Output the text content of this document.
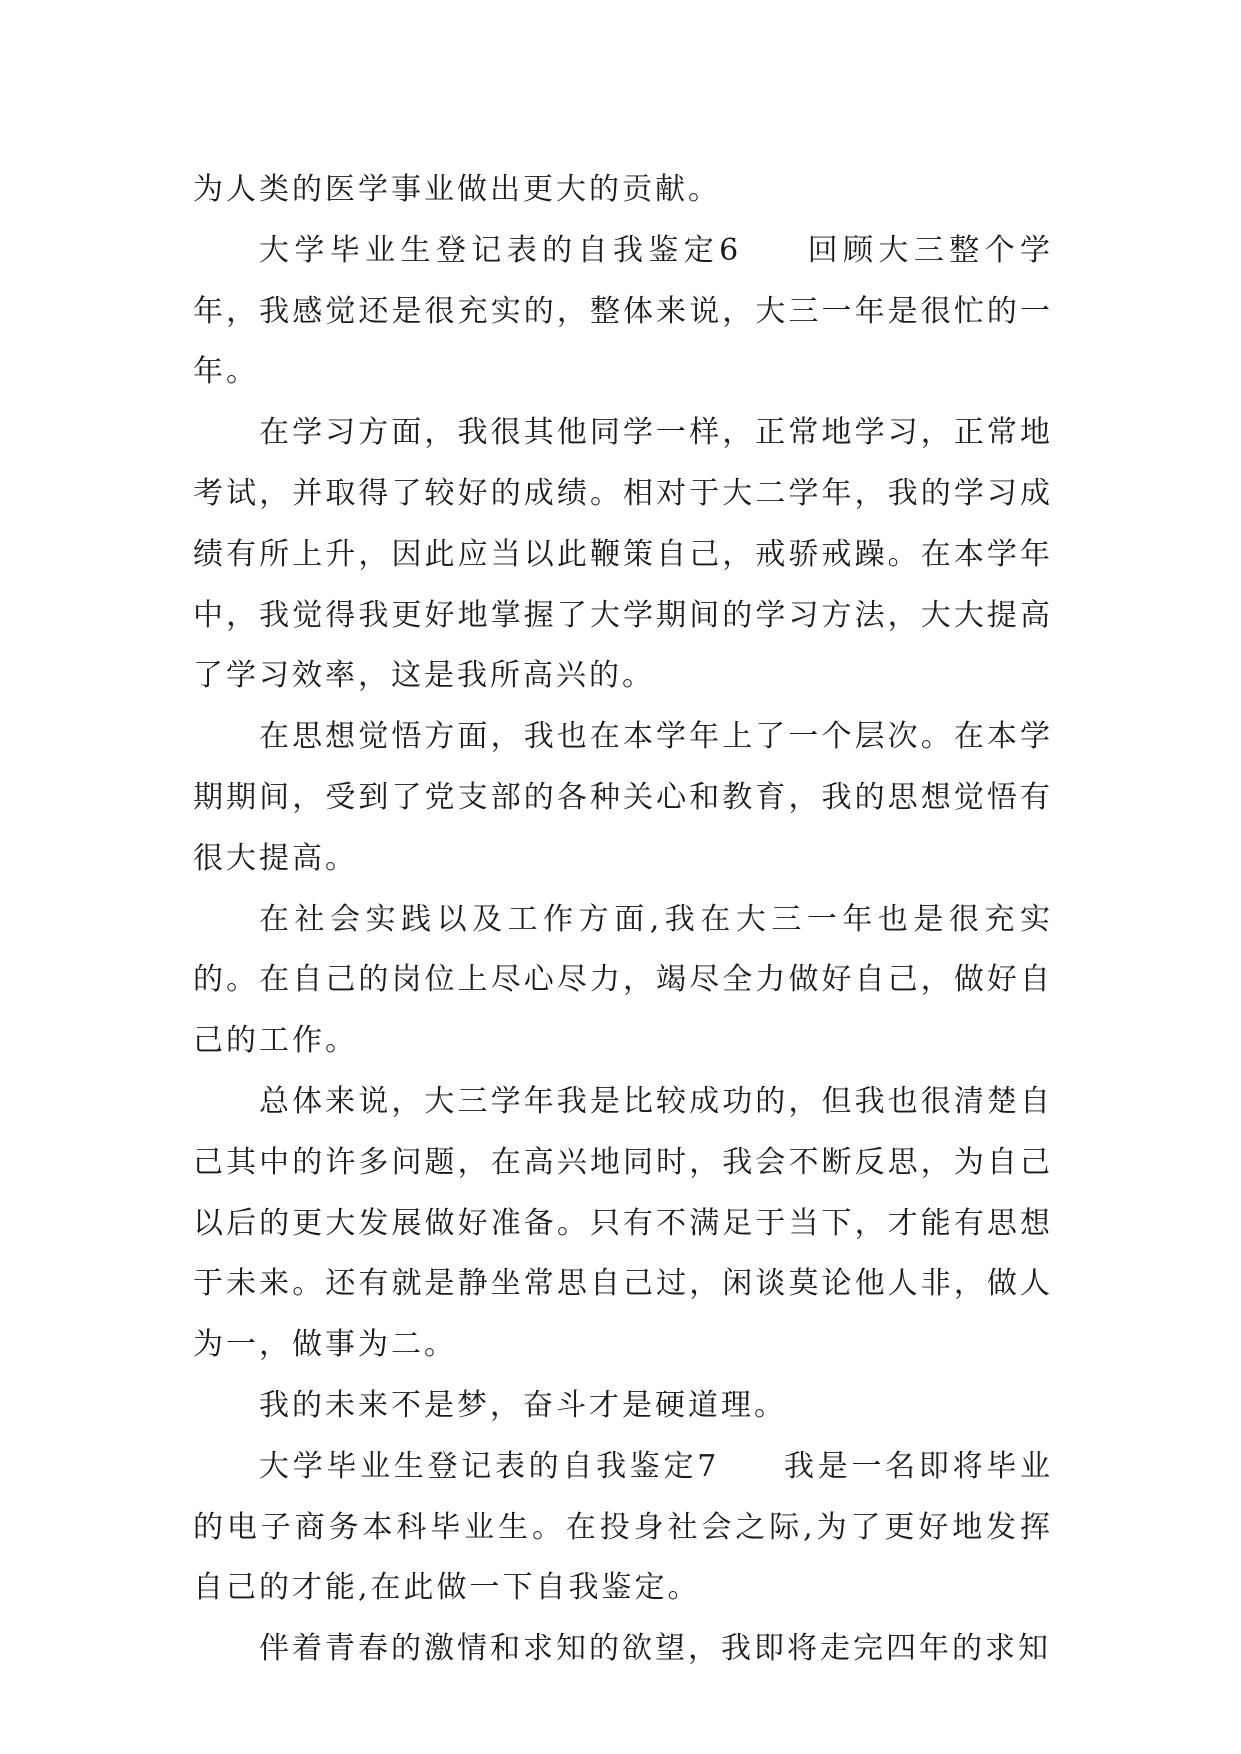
为人类的医学事业做出更大的贡献。

大学毕业生登记表的自我鉴定6 回顾大三整个学年，我感觉还是很充实的，整体来说，大三一年是很忙的一年。

在学习方面，我很其他同学一样，正常地学习，正常地考试，并取得了较好的成绩。相对于大二学年，我的学习成绩有所上升，因此应当以此鞭策自己，戒骄戒躁。在本学年中，我觉得我更好地掌握了大学期间的学习方法，大大提高了学习效率，这是我所高兴的。

在思想觉悟方面，我也在本学年上了一个层次。在本学期期间，受到了党支部的各种关心和教育，我的思想觉悟有很大提高。

在社会实践以及工作方面,我在大三一年也是很充实的。在自己的岗位上尽心尽力，竭尽全力做好自己，做好自己的工作。

总体来说，大三学年我是比较成功的，但我也很清楚自己其中的许多问题，在高兴地同时，我会不断反思，为自己以后的更大发展做好准备。只有不满足于当下，才能有思想于未来。还有就是静坐常思自己过，闲谈莫论他人非，做人为一，做事为二。

我的未来不是梦，奋斗才是硬道理。

大学毕业生登记表的自我鉴定7 我是一名即将毕业的电子商务本科毕业生。在投身社会之际,为了更好地发挥自己的才能,在此做一下自我鉴定。

伴着青春的激情和求知的欲望，我即将走完四年的求知
